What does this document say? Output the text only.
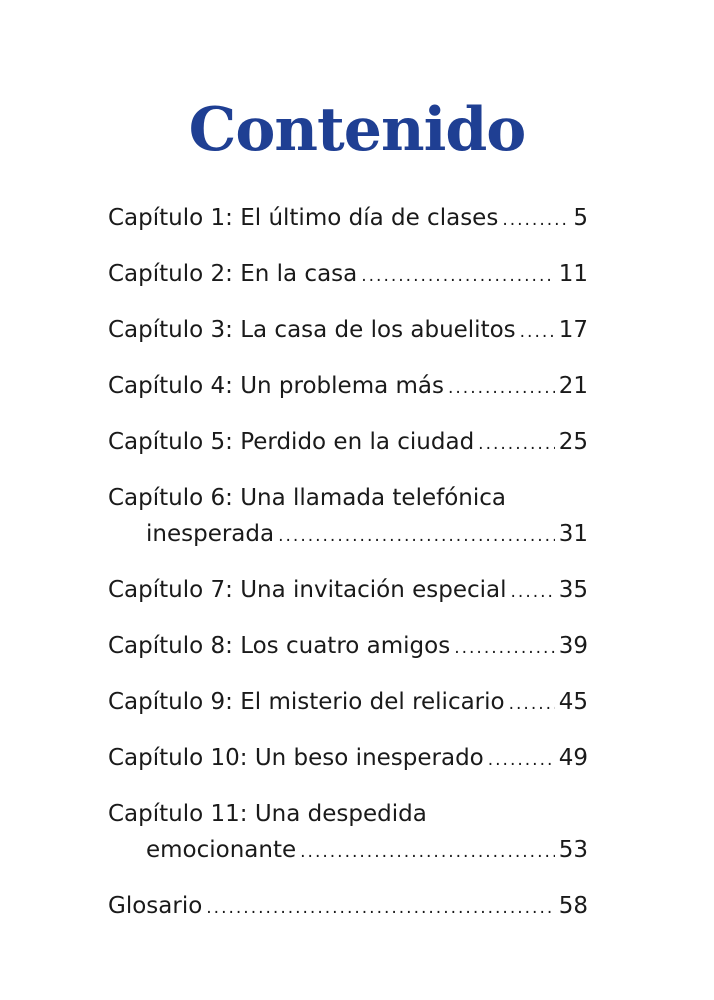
Contenido
Capítulo 1: El último día de clases .....	5
Capítulo 2: En la casa .....	11
Capítulo 3: La casa de los abuelitos ..... 17
Capítulo 4: Un problema más .....	21
Capítulo 5: Perdido en la ciudad .....	25
Capítulo 6: Una llamada telefónica
inesperada .....	31
Capítulo 7: Una invitación especial ..... 35
Capítulo 8: Los cuatro amigos .....	39
Capítulo 9: El misterio del relicario ..... 45
Capítulo 10: Un beso inesperado .....	49
Capítulo 11: Una despedida
emocionante .....	53
Glosario .....	58
